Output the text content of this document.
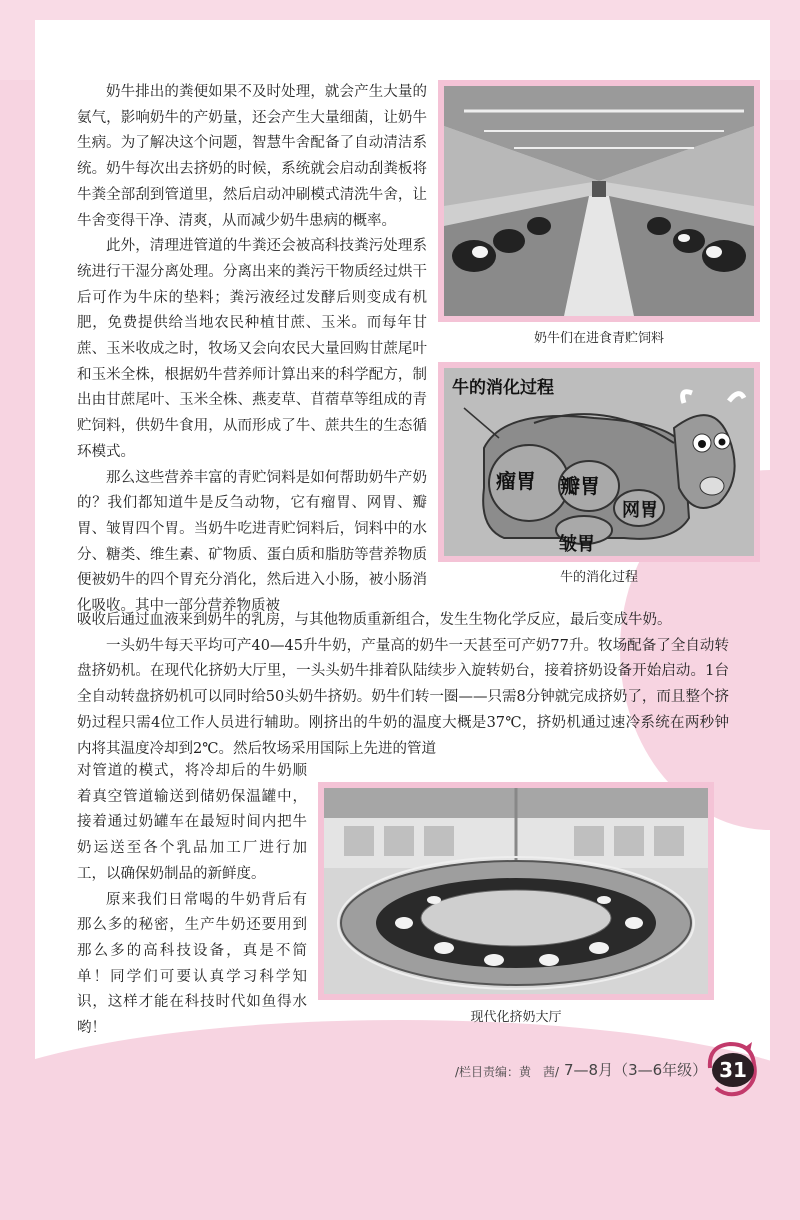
奶牛排出的粪便如果不及时处理，就会产生大量的氨气，影响奶牛的产奶量，还会产生大量细菌，让奶牛生病。为了解决这个问题，智慧牛舍配备了自动清洁系统。奶牛每次出去挤奶的时候，系统就会启动刮粪板将牛粪全部刮到管道里，然后启动冲刷模式清洗牛舍，让牛舍变得干净、清爽，从而减少奶牛患病的概率。

此外，清理进管道的牛粪还会被高科技粪污处理系统进行干湿分离处理。分离出来的粪污干物质经过烘干后可作为牛床的垫料；粪污液经过发酵后则变成有机肥，免费提供给当地农民种植甘蔗、玉米。而每年甘蔗、玉米收成之时，牧场又会向农民大量回购甘蔗尾叶和玉米全株，根据奶牛营养师计算出来的科学配方，制出由甘蔗尾叶、玉米全株、燕麦草、苜蓿草等组成的青贮饲料，供奶牛食用，从而形成了牛、蔗共生的生态循环模式。

那么这些营养丰富的青贮饲料是如何帮助奶牛产奶的？我们都知道牛是反刍动物，它有瘤胃、网胃、瓣胃、皱胃四个胃。当奶牛吃进青贮饲料后，饲料中的水分、糖类、维生素、矿物质、蛋白质和脂肪等营养物质便被奶牛的四个胃充分消化，然后进入小肠，被小肠消化吸收。其中一部分营养物质被

吸收后通过血液来到奶牛的乳房，与其他物质重新组合，发生生物化学反应，最后变成牛奶。

一头奶牛每天平均可产40—45升牛奶，产量高的奶牛一天甚至可产奶77升。牧场配备了全自动转盘挤奶机。在现代化挤奶大厅里，一头头奶牛排着队陆续步入旋转奶台，接着挤奶设备开始启动。1台全自动转盘挤奶机可以同时给50头奶牛挤奶。奶牛们转一圈——只需8分钟就完成挤奶了，而且整个挤奶过程只需4位工作人员进行辅助。刚挤出的牛奶的温度大概是37℃，挤奶机通过速冷系统在两秒钟内将其温度冷却到2℃。然后牧场采用国际上先进的管道

对管道的模式，将冷却后的牛奶顺着真空管道输送到储奶保温罐中，接着通过奶罐车在最短时间内把牛奶运送至各个乳品加工厂进行加工，以确保奶制品的新鲜度。

原来我们日常喝的牛奶背后有那么多的秘密，生产牛奶还要用到那么多的高科技设备，真是不简单！同学们可要认真学习科学知识，这样才能在科技时代如鱼得水哟！

奶牛们在进食青贮饲料
牛的消化过程
瘤胃 瓣胃
网胃
皱胃
牛的消化过程
现代化挤奶大厅
/栏目责编：黄　茜/ 7—8月（3—6年级） 31
